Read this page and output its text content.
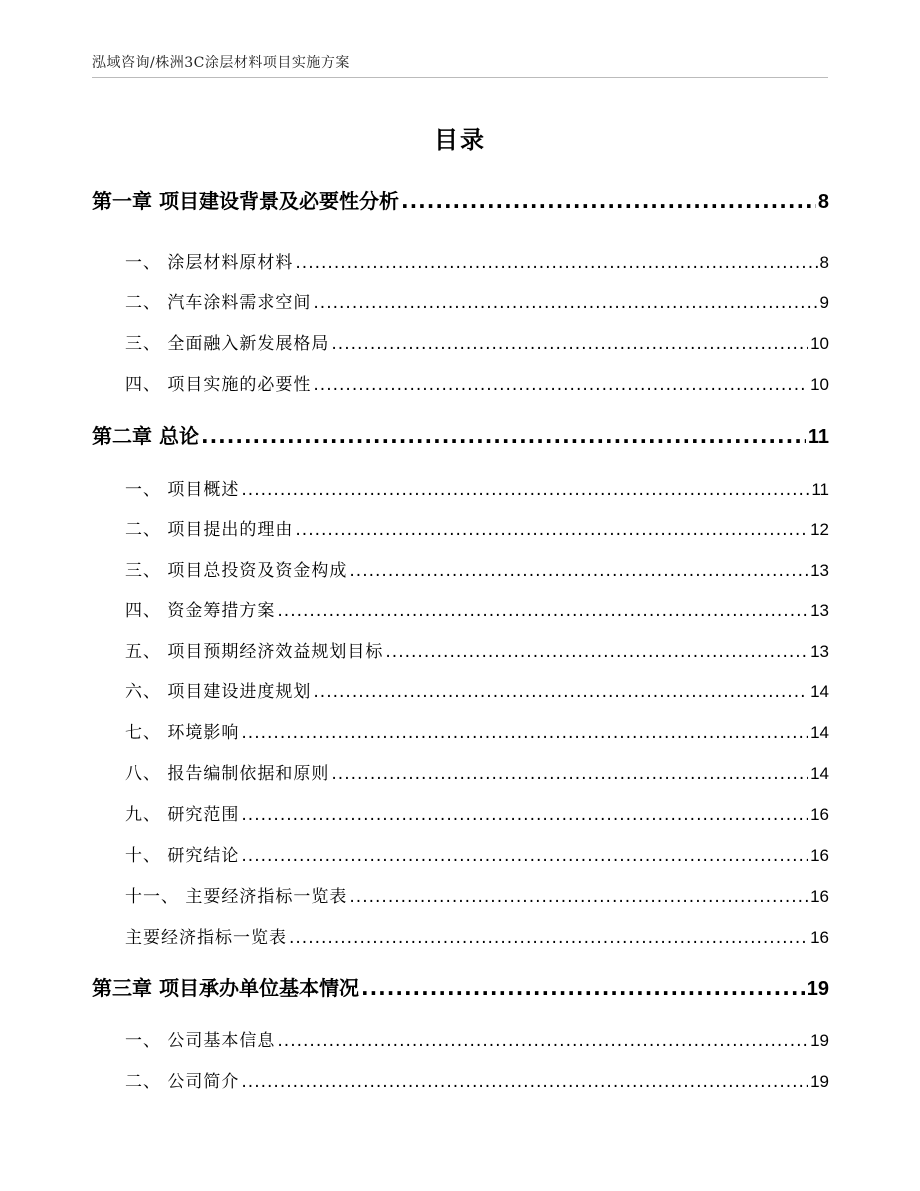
泓域咨询/株洲3C涂层材料项目实施方案
目录
第一章 项目建设背景及必要性分析 .....	8
一、 涂层材料原材料 .....	8
二、 汽车涂料需求空间 .....	9
三、 全面融入新发展格局 .....	10
四、 项目实施的必要性 .....	10
第二章 总论 .....	11
一、 项目概述 .....	11
二、 项目提出的理由 .....	12
三、 项目总投资及资金构成 .....	13
四、 资金筹措方案 .....	13
五、 项目预期经济效益规划目标 .....	13
六、 项目建设进度规划 .....	14
七、 环境影响 .....	14
八、 报告编制依据和原则 .....	14
九、 研究范围 .....	16
十、 研究结论 .....	16
十一、 主要经济指标一览表 .....	16
主要经济指标一览表 .....	16
第三章 项目承办单位基本情况 .....	19
一、 公司基本信息 .....	19
二、 公司简介 .....	19
